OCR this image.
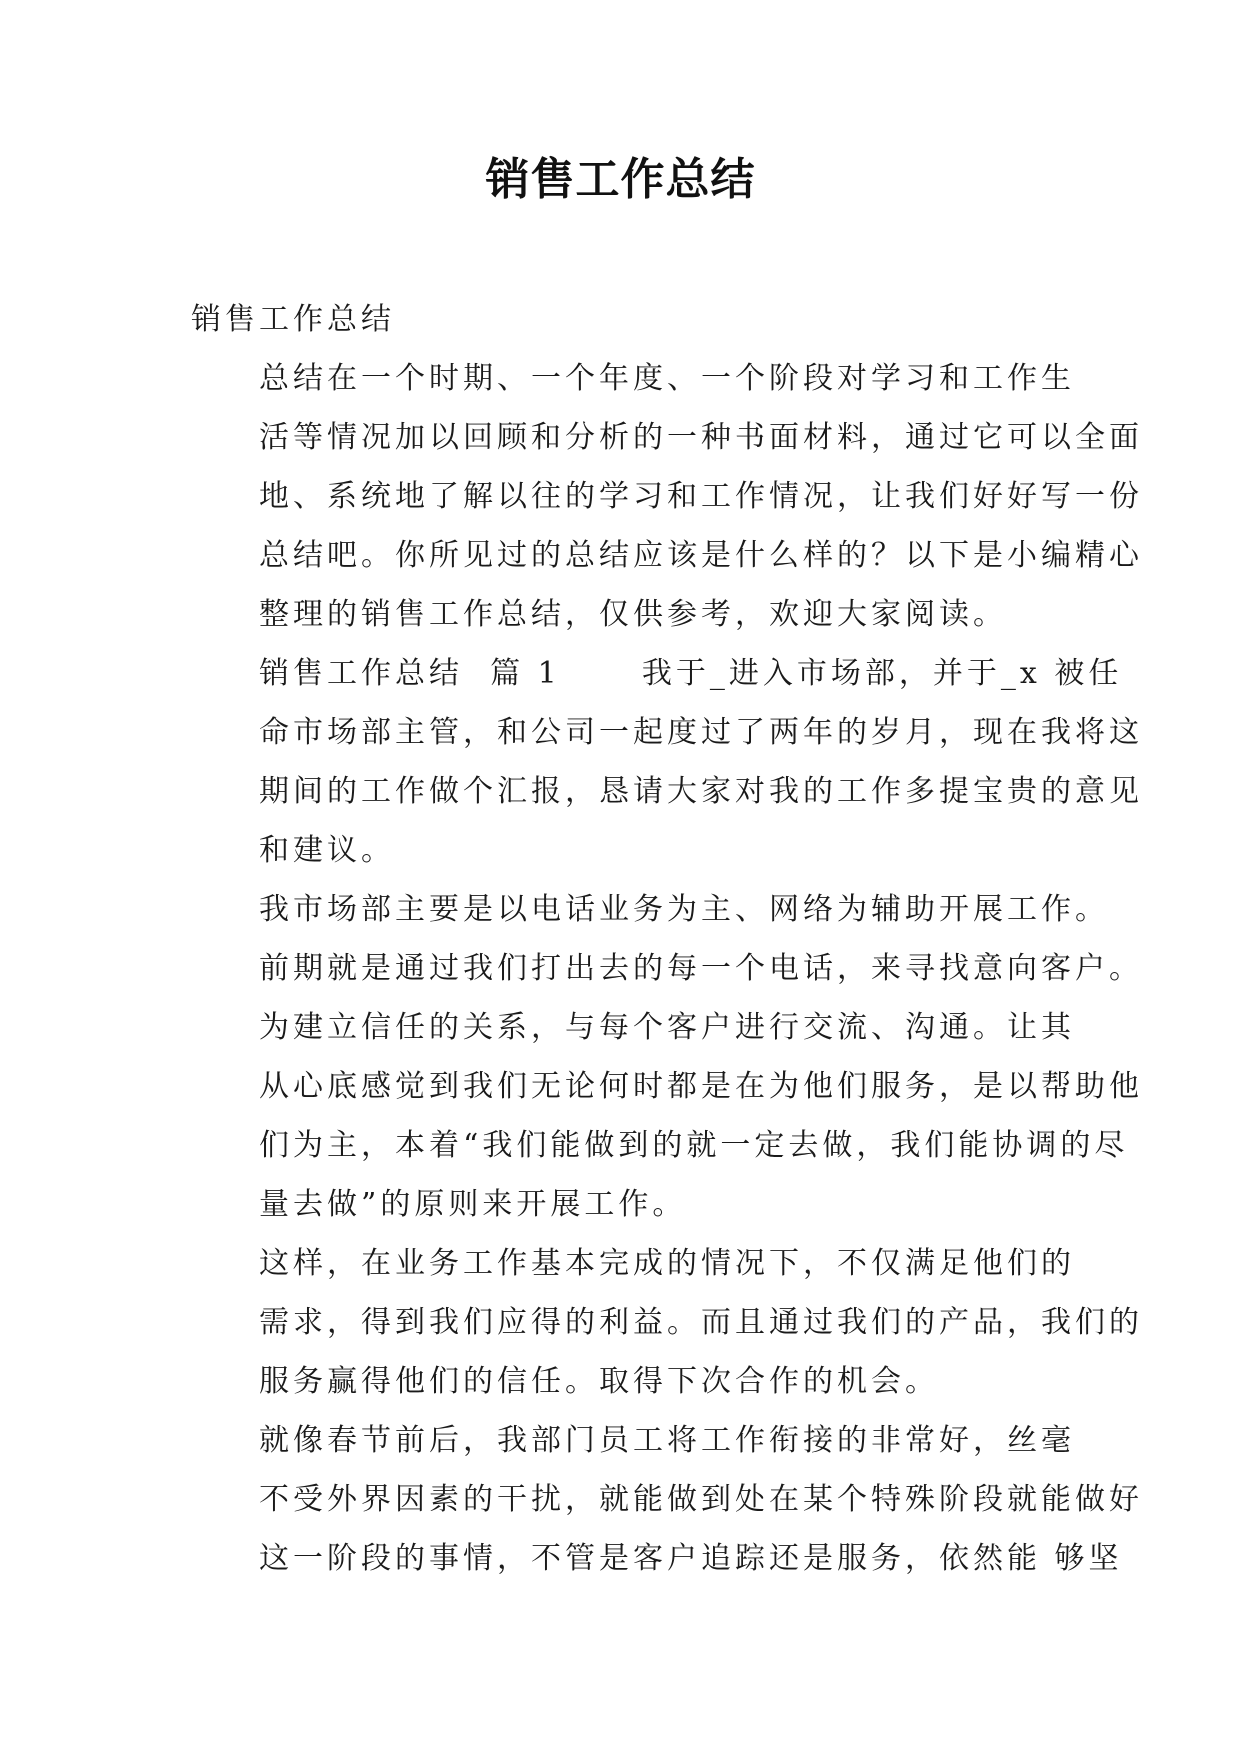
销售工作总结

销售工作总结

总结在一个时期、一个年度、一个阶段对学习和工作生
活等情况加以回顾和分析的一种书面材料，通过它可以全面
地、系统地了解以往的学习和工作情况，让我们好好写一份
总结吧。你所见过的总结应该是什么样的？以下是小编精心
整理的销售工作总结，仅供参考，欢迎大家阅读。

销售工作总结  篇 1      我于_进入市场部，并于_x 被任
命市场部主管，和公司一起度过了两年的岁月，现在我将这
期间的工作做个汇报，恳请大家对我的工作多提宝贵的意见
和建议。

我市场部主要是以电话业务为主、网络为辅助开展工作。
前期就是通过我们打出去的每一个电话，来寻找意向客户。

为建立信任的关系，与每个客户进行交流、沟通。让其
从心底感觉到我们无论何时都是在为他们服务，是以帮助他
们为主，本着“我们能做到的就一定去做，我们能协调的尽
量去做”的原则来开展工作。

这样，在业务工作基本完成的情况下，不仅满足他们的
需求，得到我们应得的利益。而且通过我们的产品，我们的
服务赢得他们的信任。取得下次合作的机会。

就像春节前后，我部门员工将工作衔接的非常好，丝毫
不受外界因素的干扰，就能做到处在某个特殊阶段就能做好
这一阶段的事情，不管是客户追踪还是服务，依然能 够坚
